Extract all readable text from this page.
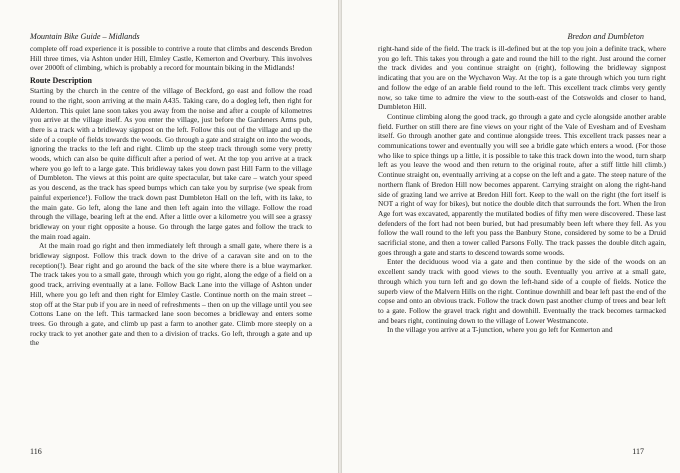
Mountain Bike Guide – Midlands

complete off road experience it is possible to contrive a route that climbs and descends Bredon Hill three times, via Ashton under Hill, Elmley Castle, Kemerton and Overbury. This involves over 2000ft of climbing, which is probably a record for mountain biking in the Midlands!

Route Description

Starting by the church in the centre of the village of Beckford, go east and follow the road round to the right, soon arriving at the main A435. Taking care, do a dogleg left, then right for Alderton. This quiet lane soon takes you away from the noise and after a couple of kilometres you arrive at the village itself. As you enter the village, just before the Gardeners Arms pub, there is a track with a bridleway signpost on the left. Follow this out of the village and up the side of a couple of fields towards the woods. Go through a gate and straight on into the woods, ignoring the tracks to the left and right. Climb up the steep track through some very pretty woods, which can also be quite difficult after a period of wet. At the top you arrive at a track where you go left to a large gate. This bridleway takes you down past Hill Farm to the village of Dumbleton. The views at this point are quite spectacular, but take care – watch your speed as you descend, as the track has speed bumps which can take you by surprise (we speak from painful experience!). Follow the track down past Dumbleton Hall on the left, with its lake, to the main gate. Go left, along the lane and then left again into the village. Follow the road through the village, bearing left at the end. After a little over a kilometre you will see a grassy bridleway on your right opposite a house. Go through the large gates and follow the track to the main road again.

At the main road go right and then immediately left through a small gate, where there is a bridleway signpost. Follow this track down to the drive of a caravan site and on to the reception(!). Bear right and go around the back of the site where there is a blue waymarker. The track takes you to a small gate, through which you go right, along the edge of a field on a good track, arriving eventually at a lane. Follow Back Lane into the village of Ashton under Hill, where you go left and then right for Elmley Castle. Continue north on the main street – stop off at the Star pub if you are in need of refreshments – then on up the village until you see Cottons Lane on the left. This tarmacked lane soon becomes a bridleway and enters some trees. Go through a gate, and climb up past a farm to another gate. Climb more steeply on a rocky track to yet another gate and then to a division of tracks. Go left, through a gate and up the

116
Bredon and Dumbleton

right-hand side of the field. The track is ill-defined but at the top you join a definite track, where you go left. This takes you through a gate and round the hill to the right. Just around the corner the track divides and you continue straight on (right), following the bridleway signpost indicating that you are on the Wychavon Way. At the top is a gate through which you turn right and follow the edge of an arable field round to the left. This excellent track climbs very gently now, so take time to admire the view to the south-east of the Cotswolds and closer to hand, Dumbleton Hill.

Continue climbing along the good track, go through a gate and cycle alongside another arable field. Further on still there are fine views on your right of the Vale of Evesham and of Evesham itself. Go through another gate and continue alongside trees. This excellent track passes near a communications tower and eventually you will see a bridle gate which enters a wood. (For those who like to spice things up a little, it is possible to take this track down into the wood, turn sharp left as you leave the wood and then return to the original route, after a stiff little hill climb.) Continue straight on, eventually arriving at a copse on the left and a gate. The steep nature of the northern flank of Bredon Hill now becomes apparent. Carrying straight on along the right-hand side of grazing land we arrive at Bredon Hill fort. Keep to the wall on the right (the fort itself is NOT a right of way for bikes), but notice the double ditch that surrounds the fort. When the Iron Age fort was excavated, apparently the mutilated bodies of fifty men were discovered. These last defenders of the fort had not been buried, but had presumably been left where they fell. As you follow the wall round to the left you pass the Banbury Stone, considered by some to be a Druid sacrificial stone, and then a tower called Parsons Folly. The track passes the double ditch again, goes through a gate and starts to descend towards some woods.

Enter the deciduous wood via a gate and then continue by the side of the woods on an excellent sandy track with good views to the south. Eventually you arrive at a small gate, through which you turn left and go down the left-hand side of a couple of fields. Notice the superb view of the Malvern Hills on the right. Continue downhill and bear left past the end of the copse and onto an obvious track. Follow the track down past another clump of trees and bear left to a gate. Follow the gravel track right and downhill. Eventually the track becomes tarmacked and bears right, continuing down to the village of Lower Westmancote.

In the village you arrive at a T-junction, where you go left for Kemerton and

117
